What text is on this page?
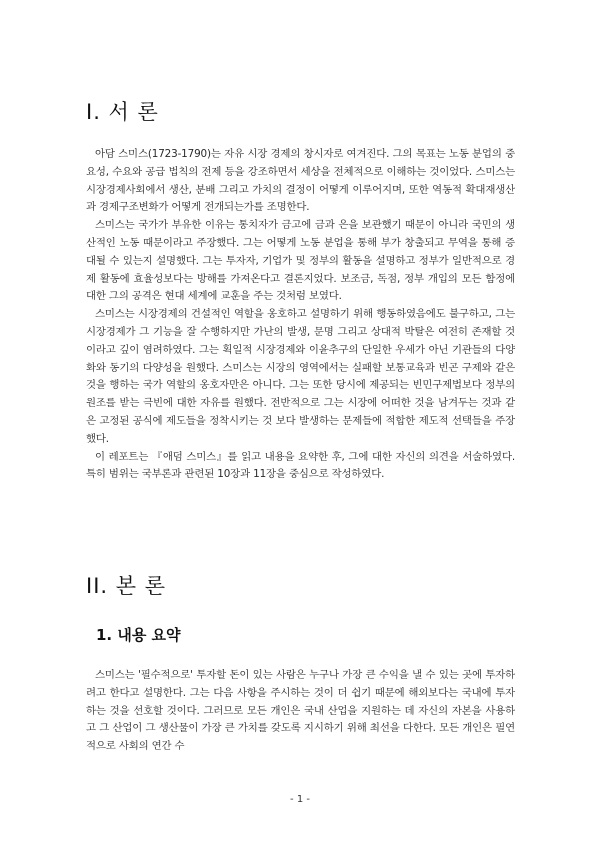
I. 서 론

아담 스미스(1723-1790)는 자유 시장 경제의 창시자로 여겨진다. 그의 목표는 노동 분업의 중요성, 수요와 공급 법칙의 전제 등을 강조하면서 세상을 전체적으로 이해하는 것이었다. 스미스는 시장경제사회에서 생산, 분배 그리고 가치의 결정이 어떻게 이루어지며, 또한 역동적 확대재생산과 경제구조변화가 어떻게 전개되는가를 조명한다.

스미스는 국가가 부유한 이유는 통치자가 금고에 금과 은을 보관했기 때문이 아니라 국민의 생산적인 노동 때문이라고 주장했다. 그는 어떻게 노동 분업을 통해 부가 창출되고 무역을 통해 증대될 수 있는지 설명했다. 그는 투자자, 기업가 및 정부의 활동을 설명하고 정부가 일반적으로 경제 활동에 효율성보다는 방해를 가져온다고 결론지었다. 보조금, 독점, 정부 개입의 모든 함정에 대한 그의 공격은 현대 세계에 교훈을 주는 것처럼 보였다.

스미스는 시장경제의 건설적인 역할을 옹호하고 설명하기 위해 행동하였음에도 불구하고, 그는 시장경제가 그 기능을 잘 수행하지만 가난의 발생, 문명 그리고 상대적 박탈은 여전히 존재할 것이라고 깊이 염려하였다. 그는 획일적 시장경제와 이윤추구의 단일한 우세가 아닌 기관들의 다양화와 동기의 다양성을 원했다. 스미스는 시장의 영역에서는 실패할 보통교육과 빈곤 구제와 같은 것을 행하는 국가 역할의 옹호자만은 아니다. 그는 또한 당시에 제공되는 빈민구제법보다 정부의 원조를 받는 극빈에 대한 자유를 원했다. 전반적으로 그는 시장에 어떠한 것을 남겨두는 것과 같은 고정된 공식에 제도들을 정착시키는 것 보다 발생하는 문제들에 적합한 제도적 선택들을 주장했다.

이 레포트는 『애덤 스미스』를 읽고 내용을 요약한 후, 그에 대한 자신의 의견을 서술하였다. 특히 범위는 국부론과 관련된 10장과 11장을 중심으로 작성하였다.

II. 본 론
1. 내용 요약

스미스는 '필수적으로' 투자할 돈이 있는 사람은 누구나 가장 큰 수익을 낼 수 있는 곳에 투자하려고 한다고 설명한다. 그는 다음 사항을 주시하는 것이 더 쉽기 때문에 해외보다는 국내에 투자하는 것을 선호할 것이다. 그러므로 모든 개인은 국내 산업을 지원하는 데 자신의 자본을 사용하고 그 산업이 그 생산물이 가장 큰 가치를 갖도록 지시하기 위해 최선을 다한다. 모든 개인은 필연적으로 사회의 연간 수

- 1 -
